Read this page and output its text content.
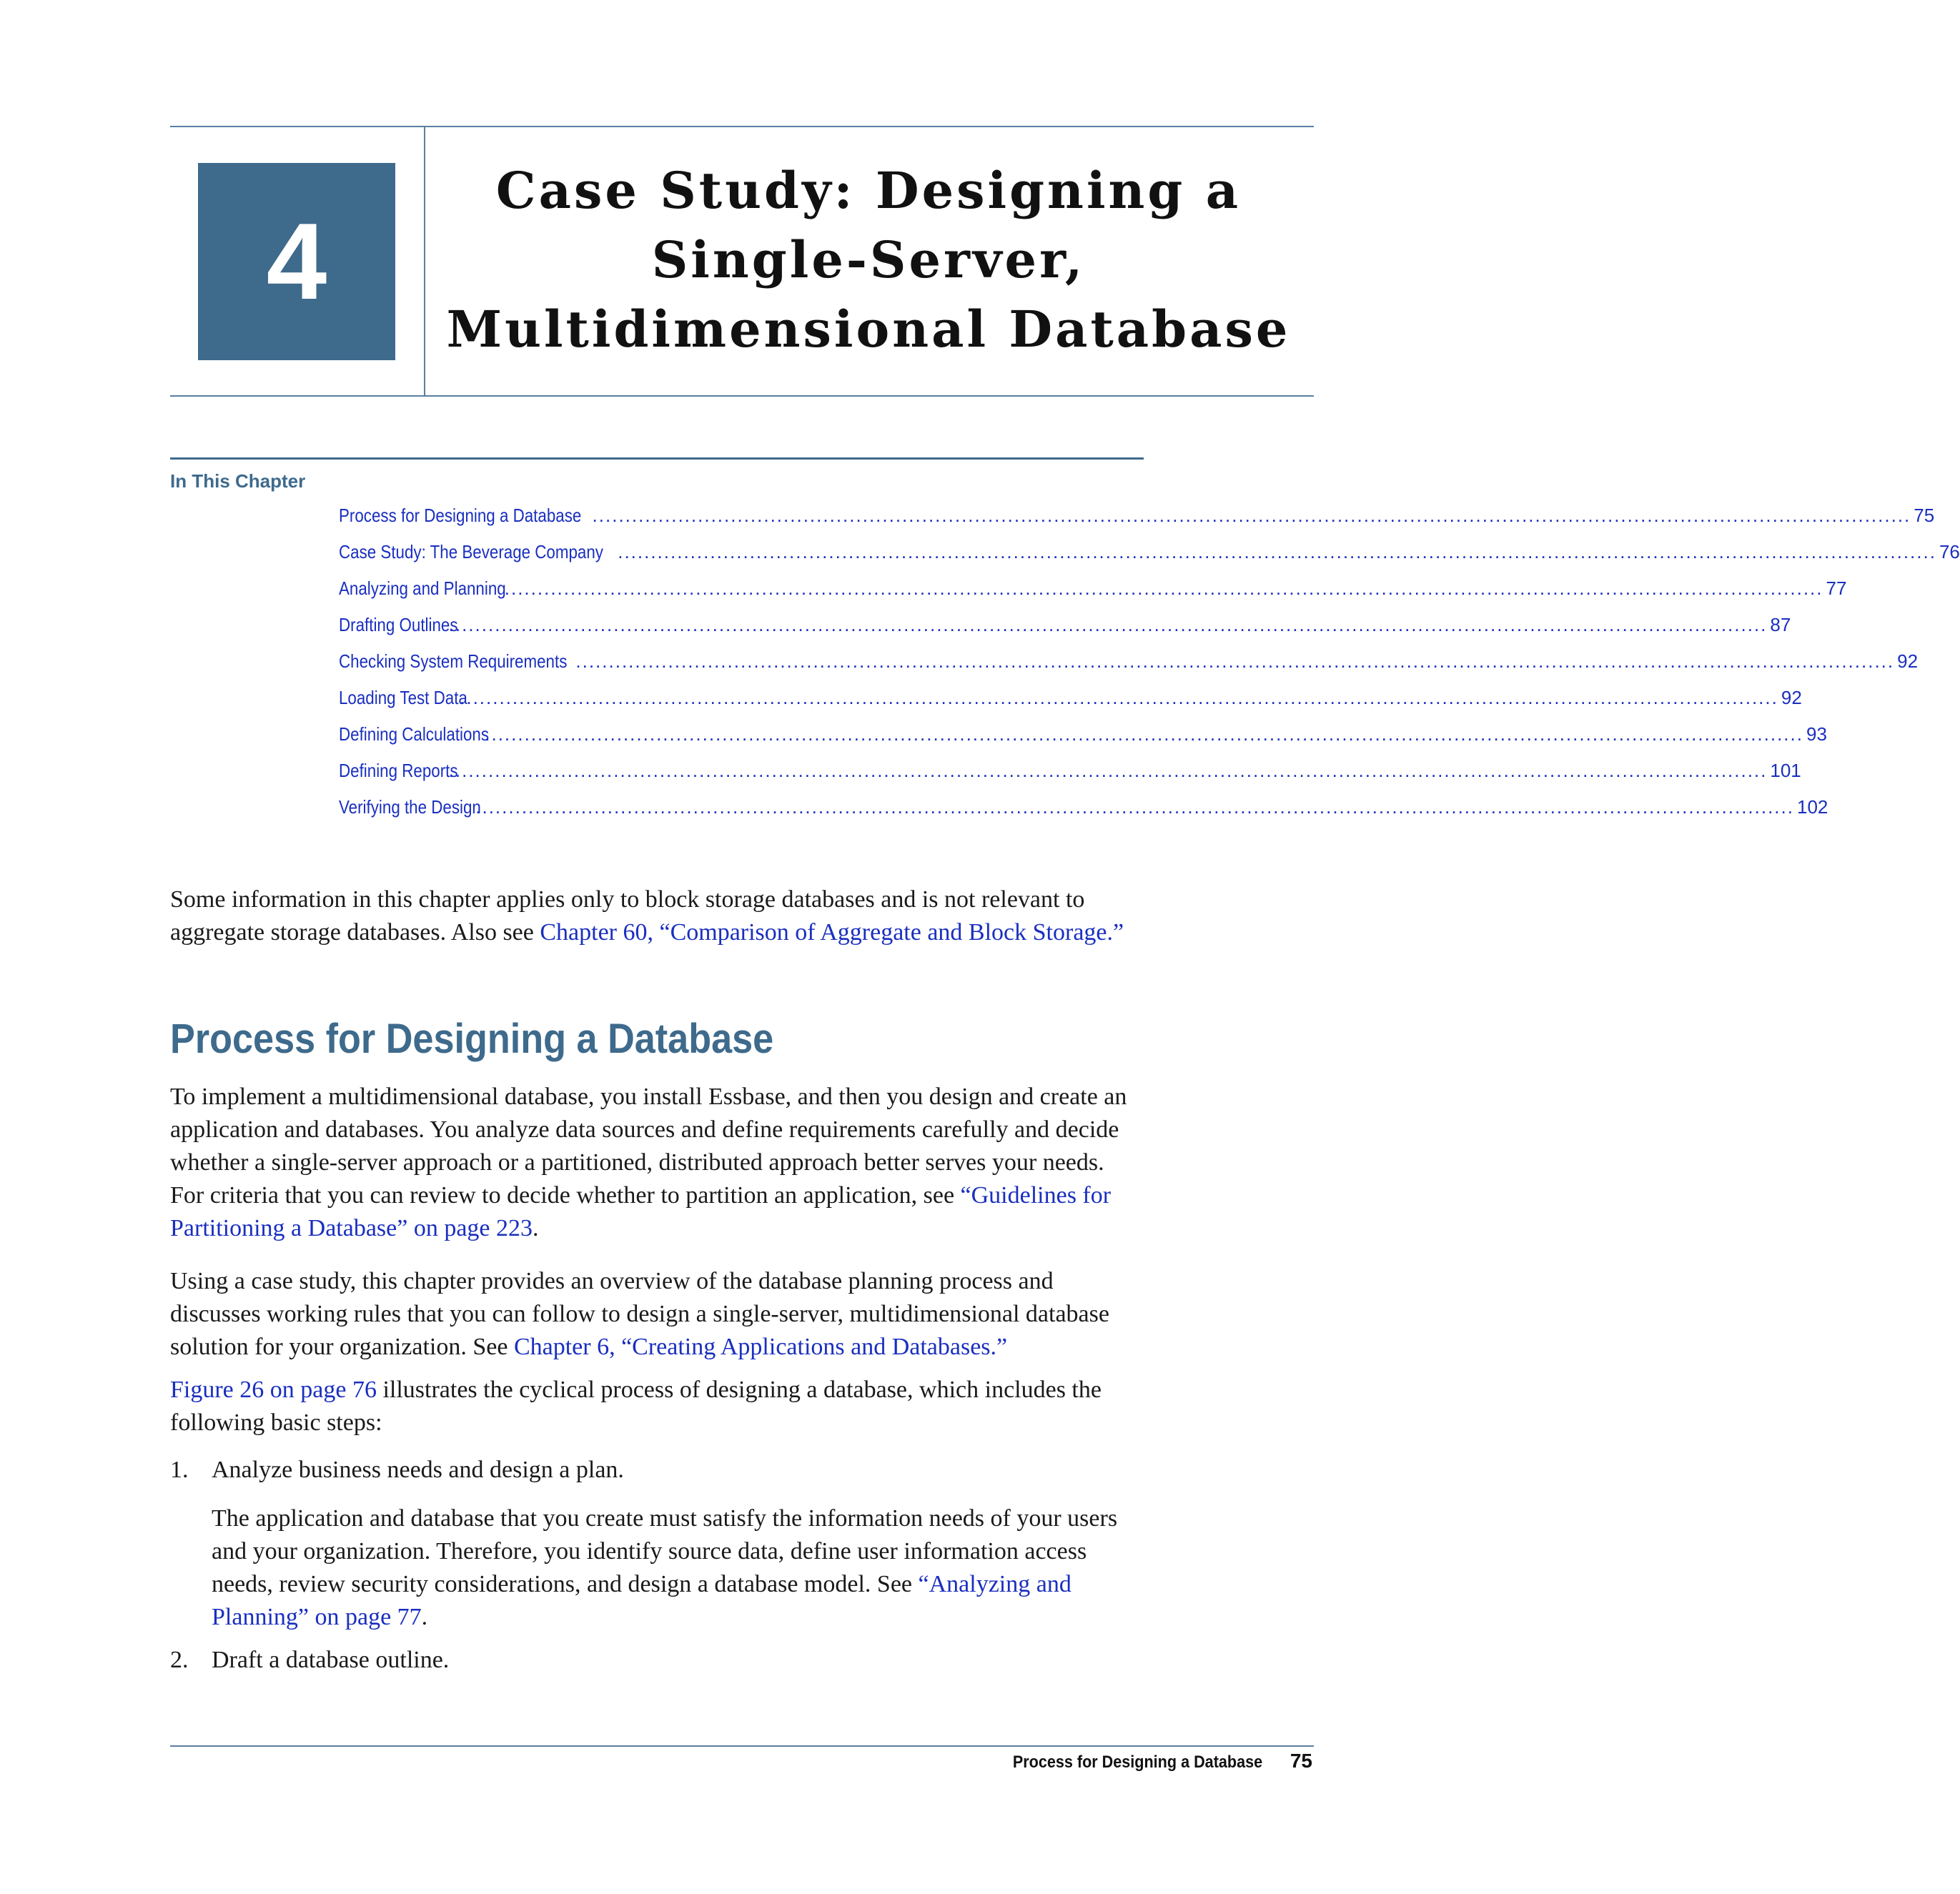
4
Case Study: Designing a Single-Server, Multidimensional Database
In This Chapter
Process for Designing a Database ........................................................................................................................................................................................................ 75
Case Study: The Beverage Company ........................................................................................................................................................................................................ 76
Analyzing and Planning
........................................................................................................................................................................................................ 77
Drafting Outlines
........................................................................................................................................................................................................ 87
Checking System Requirements ........................................................................................................................................................................................................ 92
Loading Test Data
........................................................................................................................................................................................................ 92
Defining Calculations
........................................................................................................................................................................................................ 93
Defining Reports
........................................................................................................................................................................................................ 101
Verifying the Design
........................................................................................................................................................................................................ 102

Some information in this chapter applies only to block storage databases and is not relevant to aggregate storage databases. Also see Chapter 60, “Comparison of Aggregate and Block Storage.”

Process for Designing a Database

To implement a multidimensional database, you install Essbase, and then you design and create an application and databases. You analyze data sources and define requirements carefully and decide whether a single-server approach or a partitioned, distributed approach better serves your needs. For criteria that you can review to decide whether to partition an application, see “Guidelines for Partitioning a Database” on page 223.

Using a case study, this chapter provides an overview of the database planning process and discusses working rules that you can follow to design a single-server, multidimensional database solution for your organization. See Chapter 6, “Creating Applications and Databases.”

Figure 26 on page 76 illustrates the cyclical process of designing a database, which includes the following basic steps:

1. Analyze business needs and design a plan.

The application and database that you create must satisfy the information needs of your users and your organization. Therefore, you identify source data, define user information access needs, review security considerations, and design a database model. See “Analyzing and Planning” on page 77.

2. Draft a database outline.

Process for Designing a Database 75
